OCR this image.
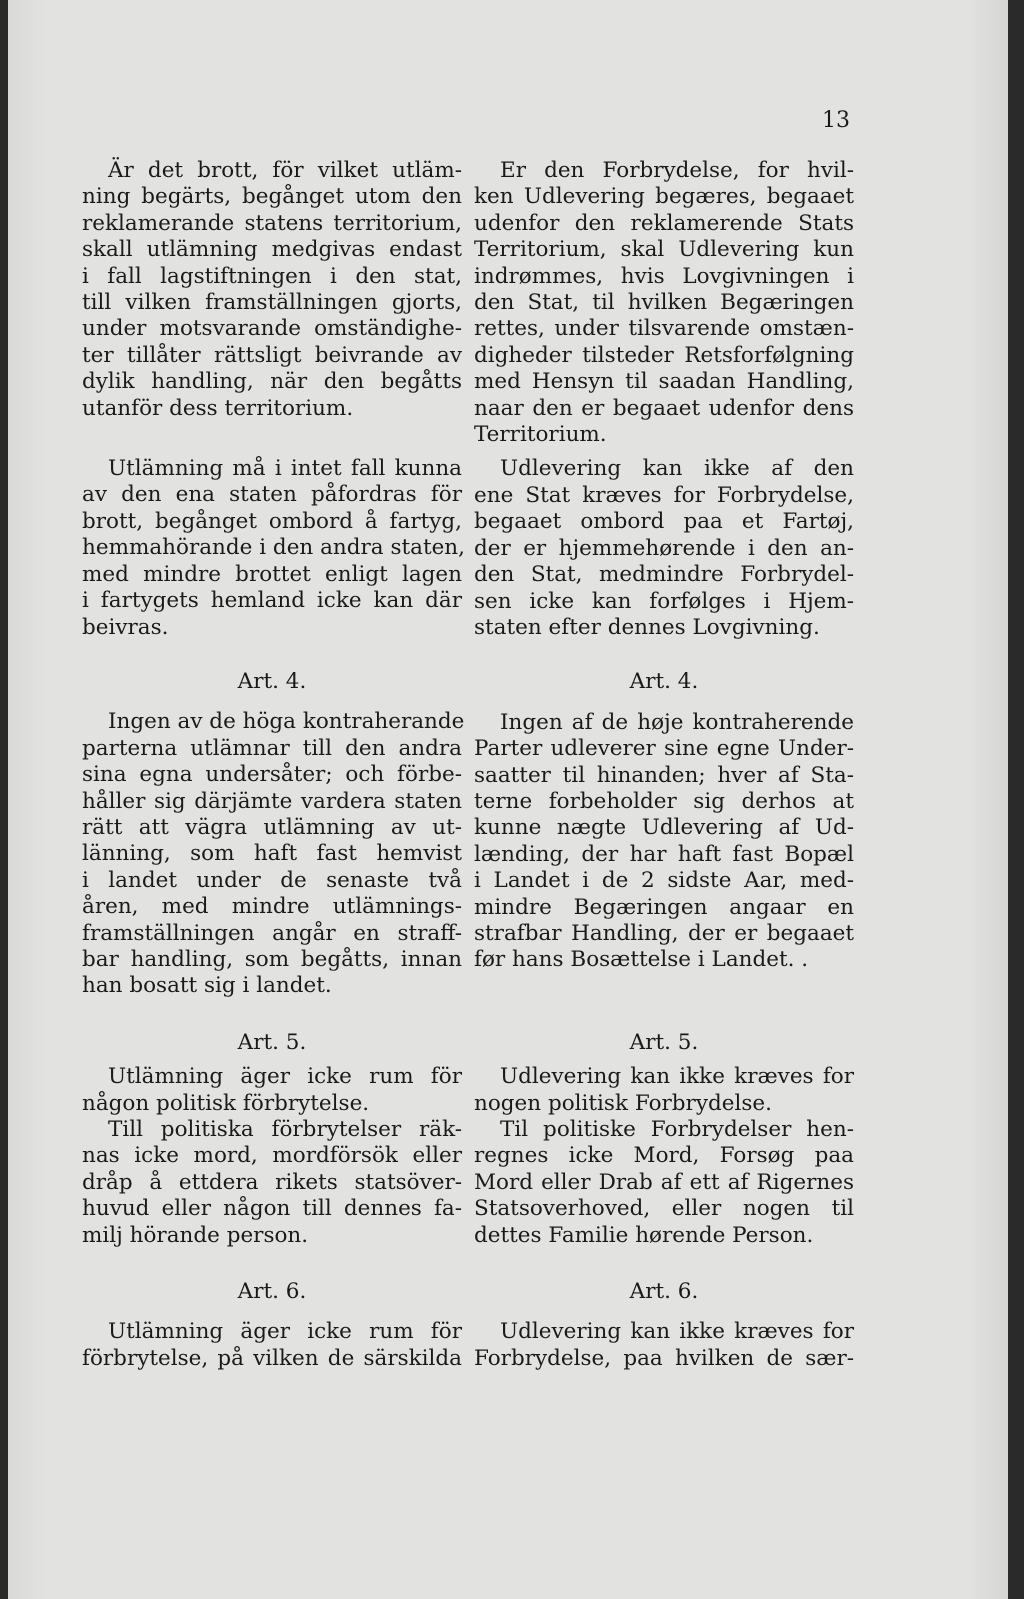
13
Är det brott, för vilket utläm-
ning begärts, begånget utom den
reklamerande statens territorium,
skall utlämning medgivas endast
i fall lagstiftningen i den stat,
till vilken framställningen gjorts,
under motsvarande omständighe-
ter tillåter rättsligt beivrande av
dylik handling, när den begåtts
utanför dess territorium.
Utlämning må i intet fall kunna
av den ena staten påfordras för
brott, begånget ombord å fartyg,
hemmahörande i den andra staten,
med mindre brottet enligt lagen
i fartygets hemland icke kan där
beivras.
Art. 4.
Ingen av de höga kontraherande
parterna utlämnar till den andra
sina egna undersåter; och förbe-
håller sig därjämte vardera staten
rätt att vägra utlämning av ut-
länning, som haft fast hemvist
i landet under de senaste två
åren, med mindre utlämnings-
framställningen angår en straff-
bar handling, som begåtts, innan
han bosatt sig i landet.
Art. 5.
Utlämning äger icke rum för
någon politisk förbrytelse.
Till politiska förbrytelser räk-
nas icke mord, mordförsök eller
dråp å ettdera rikets statsöver-
huvud eller någon till dennes fa-
milj hörande person.
Art. 6.
Utlämning äger icke rum för
förbrytelse, på vilken de särskilda
Er den Forbrydelse, for hvil-
ken Udlevering begæres, begaaet
udenfor den reklamerende Stats
Territorium, skal Udlevering kun
indrømmes, hvis Lovgivningen i
den Stat, til hvilken Begæringen
rettes, under tilsvarende omstæn-
digheder tilsteder Retsforfølgning
med Hensyn til saadan Handling,
naar den er begaaet udenfor dens
Territorium.
Udlevering kan ikke af den
ene Stat kræves for Forbrydelse,
begaaet ombord paa et Fartøj,
der er hjemmehørende i den an-
den Stat, medmindre Forbrydel-
sen icke kan forfølges i Hjem-
staten efter dennes Lovgivning.
Art. 4.
Ingen af de høje kontraherende
Parter udleverer sine egne Under-
saatter til hinanden; hver af Sta-
terne forbeholder sig derhos at
kunne nægte Udlevering af Ud-
lænding, der har haft fast Bopæl
i Landet i de 2 sidste Aar, med-
mindre Begæringen angaar en
strafbar Handling, der er begaaet
før hans Bosættelse i Landet. .
Art. 5.
Udlevering kan ikke kræves for
nogen politisk Forbrydelse.
Til politiske Forbrydelser hen-
regnes icke Mord, Forsøg paa
Mord eller Drab af ett af Rigernes
Statsoverhoved, eller nogen til
dettes Familie hørende Person.
Art. 6.
Udlevering kan ikke kræves for
Forbrydelse, paa hvilken de sær-
